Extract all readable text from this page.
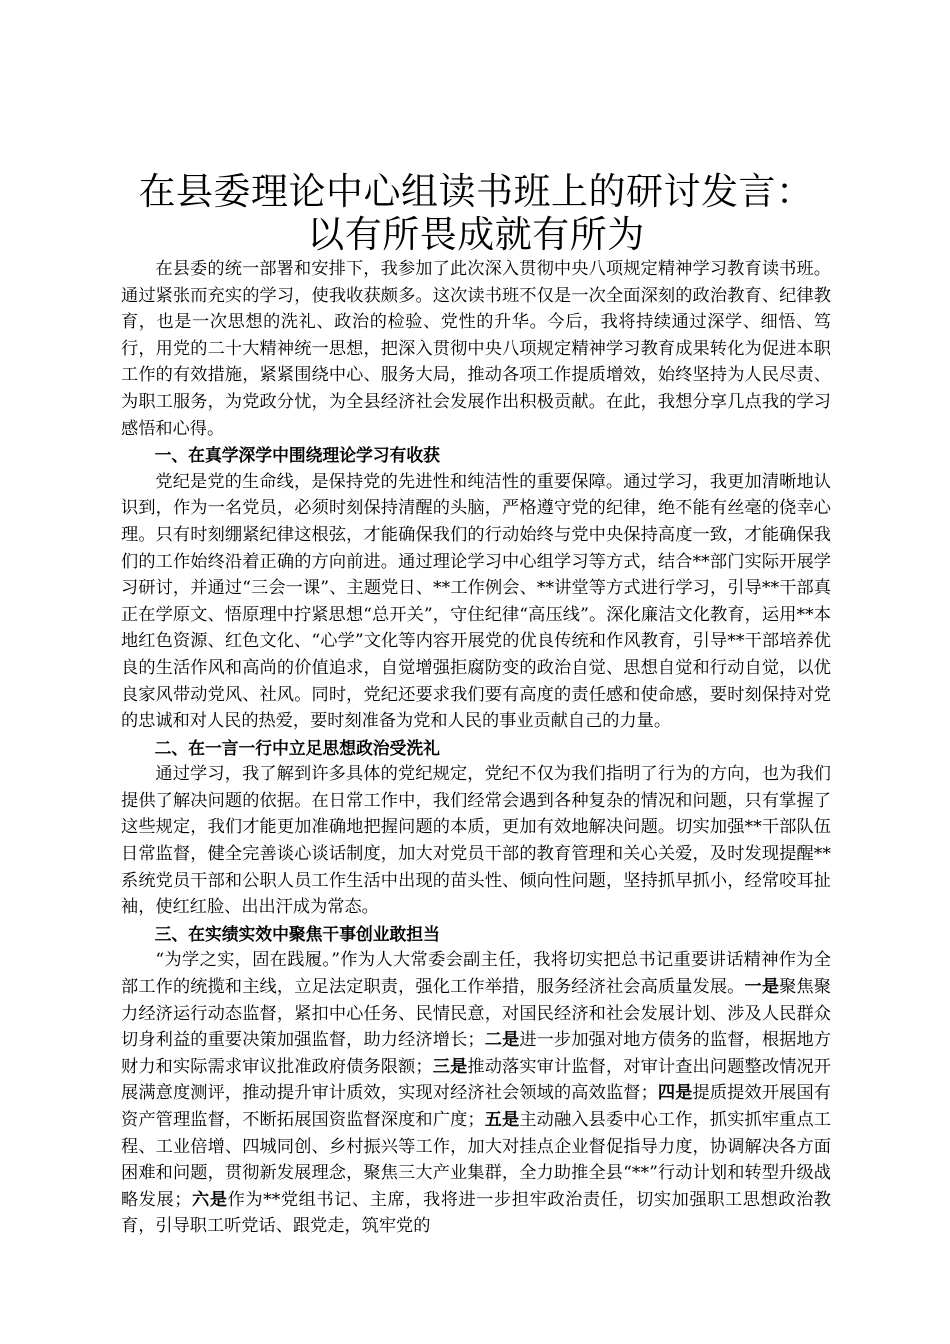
在县委理论中心组读书班上的研讨发言：以有所畏成就有所为

在县委的统一部署和安排下，我参加了此次深入贯彻中央八项规定精神学习教育读书班。通过紧张而充实的学习，使我收获颇多。这次读书班不仅是一次全面深刻的政治教育、纪律教育，也是一次思想的洗礼、政治的检验、党性的升华。今后，我将持续通过深学、细悟、笃行，用党的二十大精神统一思想，把深入贯彻中央八项规定精神学习教育成果转化为促进本职工作的有效措施，紧紧围绕中心、服务大局，推动各项工作提质增效，始终坚持为人民尽责、为职工服务，为党政分忧，为全县经济社会发展作出积极贡献。在此，我想分享几点我的学习感悟和心得。

一、在真学深学中围绕理论学习有收获

党纪是党的生命线，是保持党的先进性和纯洁性的重要保障。通过学习，我更加清晰地认识到，作为一名党员，必须时刻保持清醒的头脑，严格遵守党的纪律，绝不能有丝毫的侥幸心理。只有时刻绷紧纪律这根弦，才能确保我们的行动始终与党中央保持高度一致，才能确保我们的工作始终沿着正确的方向前进。通过理论学习中心组学习等方式，结合**部门实际开展学习研讨，并通过“三会一课”、主题党日、**工作例会、**讲堂等方式进行学习，引导**干部真正在学原文、悟原理中拧紧思想“总开关”，守住纪律“高压线”。深化廉洁文化教育，运用**本地红色资源、红色文化、“心学”文化等内容开展党的优良传统和作风教育，引导**干部培养优良的生活作风和高尚的价值追求，自觉增强拒腐防变的政治自觉、思想自觉和行动自觉，以优良家风带动党风、社风。同时，党纪还要求我们要有高度的责任感和使命感，要时刻保持对党的忠诚和对人民的热爱，要时刻准备为党和人民的事业贡献自己的力量。

二、在一言一行中立足思想政治受洗礼

通过学习，我了解到许多具体的党纪规定，党纪不仅为我们指明了行为的方向，也为我们提供了解决问题的依据。在日常工作中，我们经常会遇到各种复杂的情况和问题，只有掌握了这些规定，我们才能更加准确地把握问题的本质，更加有效地解决问题。切实加强**干部队伍日常监督，健全完善谈心谈话制度，加大对党员干部的教育管理和关心关爱，及时发现提醒**系统党员干部和公职人员工作生活中出现的苗头性、倾向性问题，坚持抓早抓小，经常咬耳扯袖，使红红脸、出出汗成为常态。

三、在实绩实效中聚焦干事创业敢担当

“为学之实，固在践履。”作为人大常委会副主任，我将切实把总书记重要讲话精神作为全部工作的统揽和主线，立足法定职责，强化工作举措，服务经济社会高质量发展。一是聚焦聚力经济运行动态监督，紧扣中心任务、民情民意，对国民经济和社会发展计划、涉及人民群众切身利益的重要决策加强监督，助力经济增长；二是进一步加强对地方债务的监督，根据地方财力和实际需求审议批准政府债务限额；三是推动落实审计监督，对审计查出问题整改情况开展满意度测评，推动提升审计质效，实现对经济社会领域的高效监督；四是提质提效开展国有资产管理监督，不断拓展国资监督深度和广度；五是主动融入县委中心工作，抓实抓牢重点工程、工业倍增、四城同创、乡村振兴等工作，加大对挂点企业督促指导力度，协调解决各方面困难和问题，贯彻新发展理念，聚焦三大产业集群，全力助推全县“**”行动计划和转型升级战略发展；六是作为**党组书记、主席，我将进一步担牢政治责任，切实加强职工思想政治教育，引导职工听党话、跟党走，筑牢党的
